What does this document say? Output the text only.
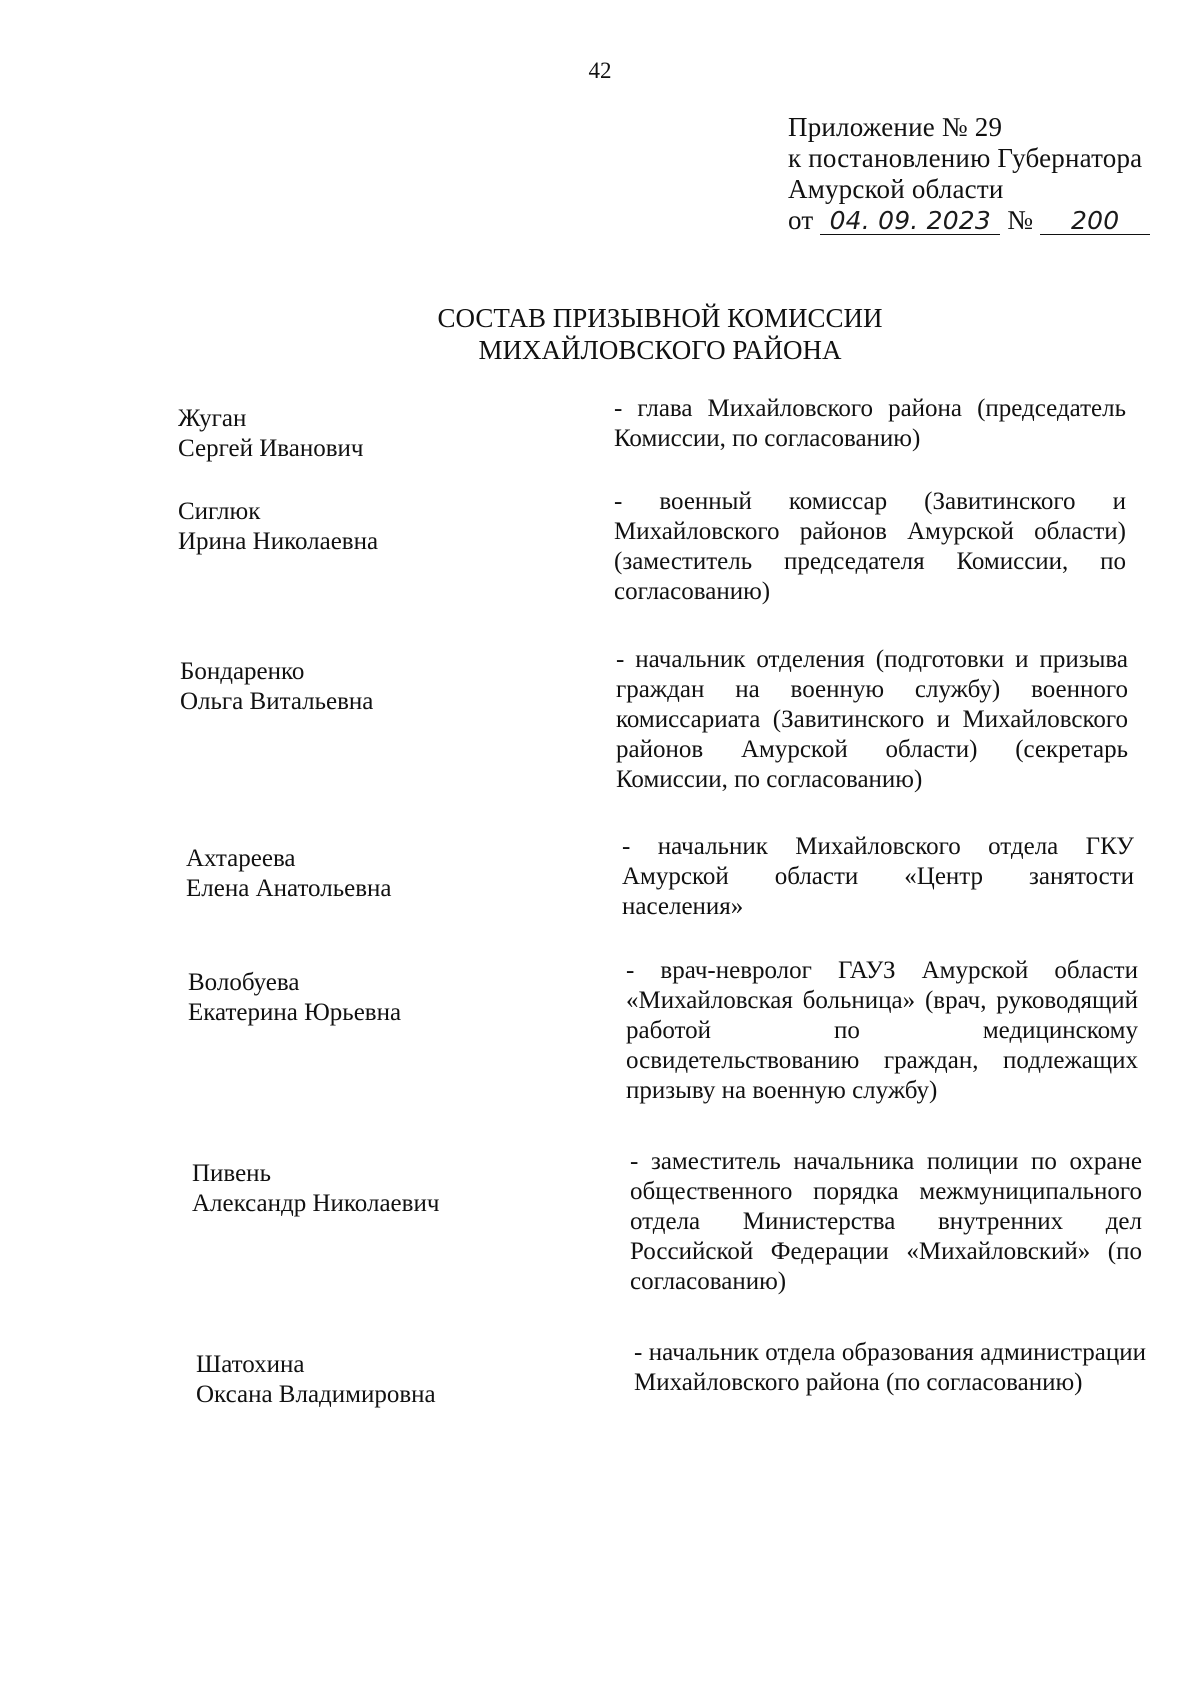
42
Приложение № 29
к постановлению Губернатора
Амурской области
от 04. 09. 2023 № 200
СОСТАВ ПРИЗЫВНОЙ КОМИССИИ
МИХАЙЛОВСКОГО РАЙОНА
Жуган
Сергей Иванович
- глава Михайловского района (председатель Комиссии, по согласованию)
Сиглюк
Ирина Николаевна
- военный комиссар (Завитинского и Михайловского районов Амурской области) (заместитель председателя Комиссии, по согласованию)
Бондаренко
Ольга Витальевна
- начальник отделения (подготовки и призыва граждан на военную службу) военного комиссариата (Завитинского и Михайловского районов Амурской области) (секретарь Комиссии, по согласованию)
Ахтареева
Елена Анатольевна
- начальник Михайловского отдела ГКУ Амурской области «Центр занятости населения»
Волобуева
Екатерина Юрьевна
- врач-невролог ГАУЗ Амурской области «Михайловская больница» (врач, руководящий работой по медицинскому освидетельствованию граждан, подлежащих призыву на военную службу)
Пивень
Александр Николаевич
- заместитель начальника полиции по охране общественного порядка межмуниципального отдела Министерства внутренних дел Российской Федерации «Михайловский» (по согласованию)
Шатохина
Оксана Владимировна
- начальник отдела образования администрации Михайловского района (по согласованию)
